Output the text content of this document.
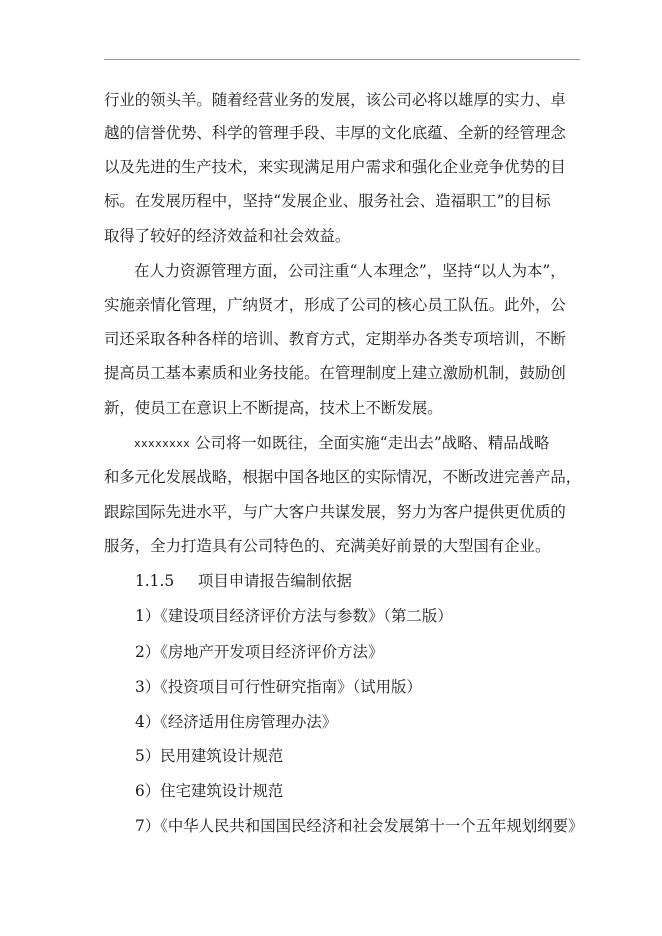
行业的领头羊。随着经营业务的发展，该公司必将以雄厚的实力、卓
越的信誉优势、科学的管理手段、丰厚的文化底蕴、全新的经管理念
以及先进的生产技术，来实现满足用户需求和强化企业竞争优势的目
标。在发展历程中，坚持“发展企业、服务社会、造福职工”的目标
取得了较好的经济效益和社会效益。
在人力资源管理方面，公司注重“人本理念”，坚持“以人为本”，
实施亲情化管理，广纳贤才，形成了公司的核心员工队伍。此外，公
司还采取各种各样的培训、教育方式，定期举办各类专项培训，不断
提高员工基本素质和业务技能。在管理制度上建立激励机制，鼓励创
新，使员工在意识上不断提高，技术上不断发展。
xxxxxxxx 公司将一如既往，全面实施“走出去”战略、精品战略
和多元化发展战略，根据中国各地区的实际情况，不断改进完善产品，
跟踪国际先进水平，与广大客户共谋发展，努力为客户提供更优质的
服务，全力打造具有公司特色的、充满美好前景的大型国有企业。
1.1.5 项目申请报告编制依据
1）《建设项目经济评价方法与参数》（第二版）
2）《房地产开发项目经济评价方法》
3）《投资项目可行性研究指南》（试用版）
4）《经济适用住房管理办法》
5）民用建筑设计规范
6）住宅建筑设计规范
7）《中华人民共和国国民经济和社会发展第十一个五年规划纲要》
